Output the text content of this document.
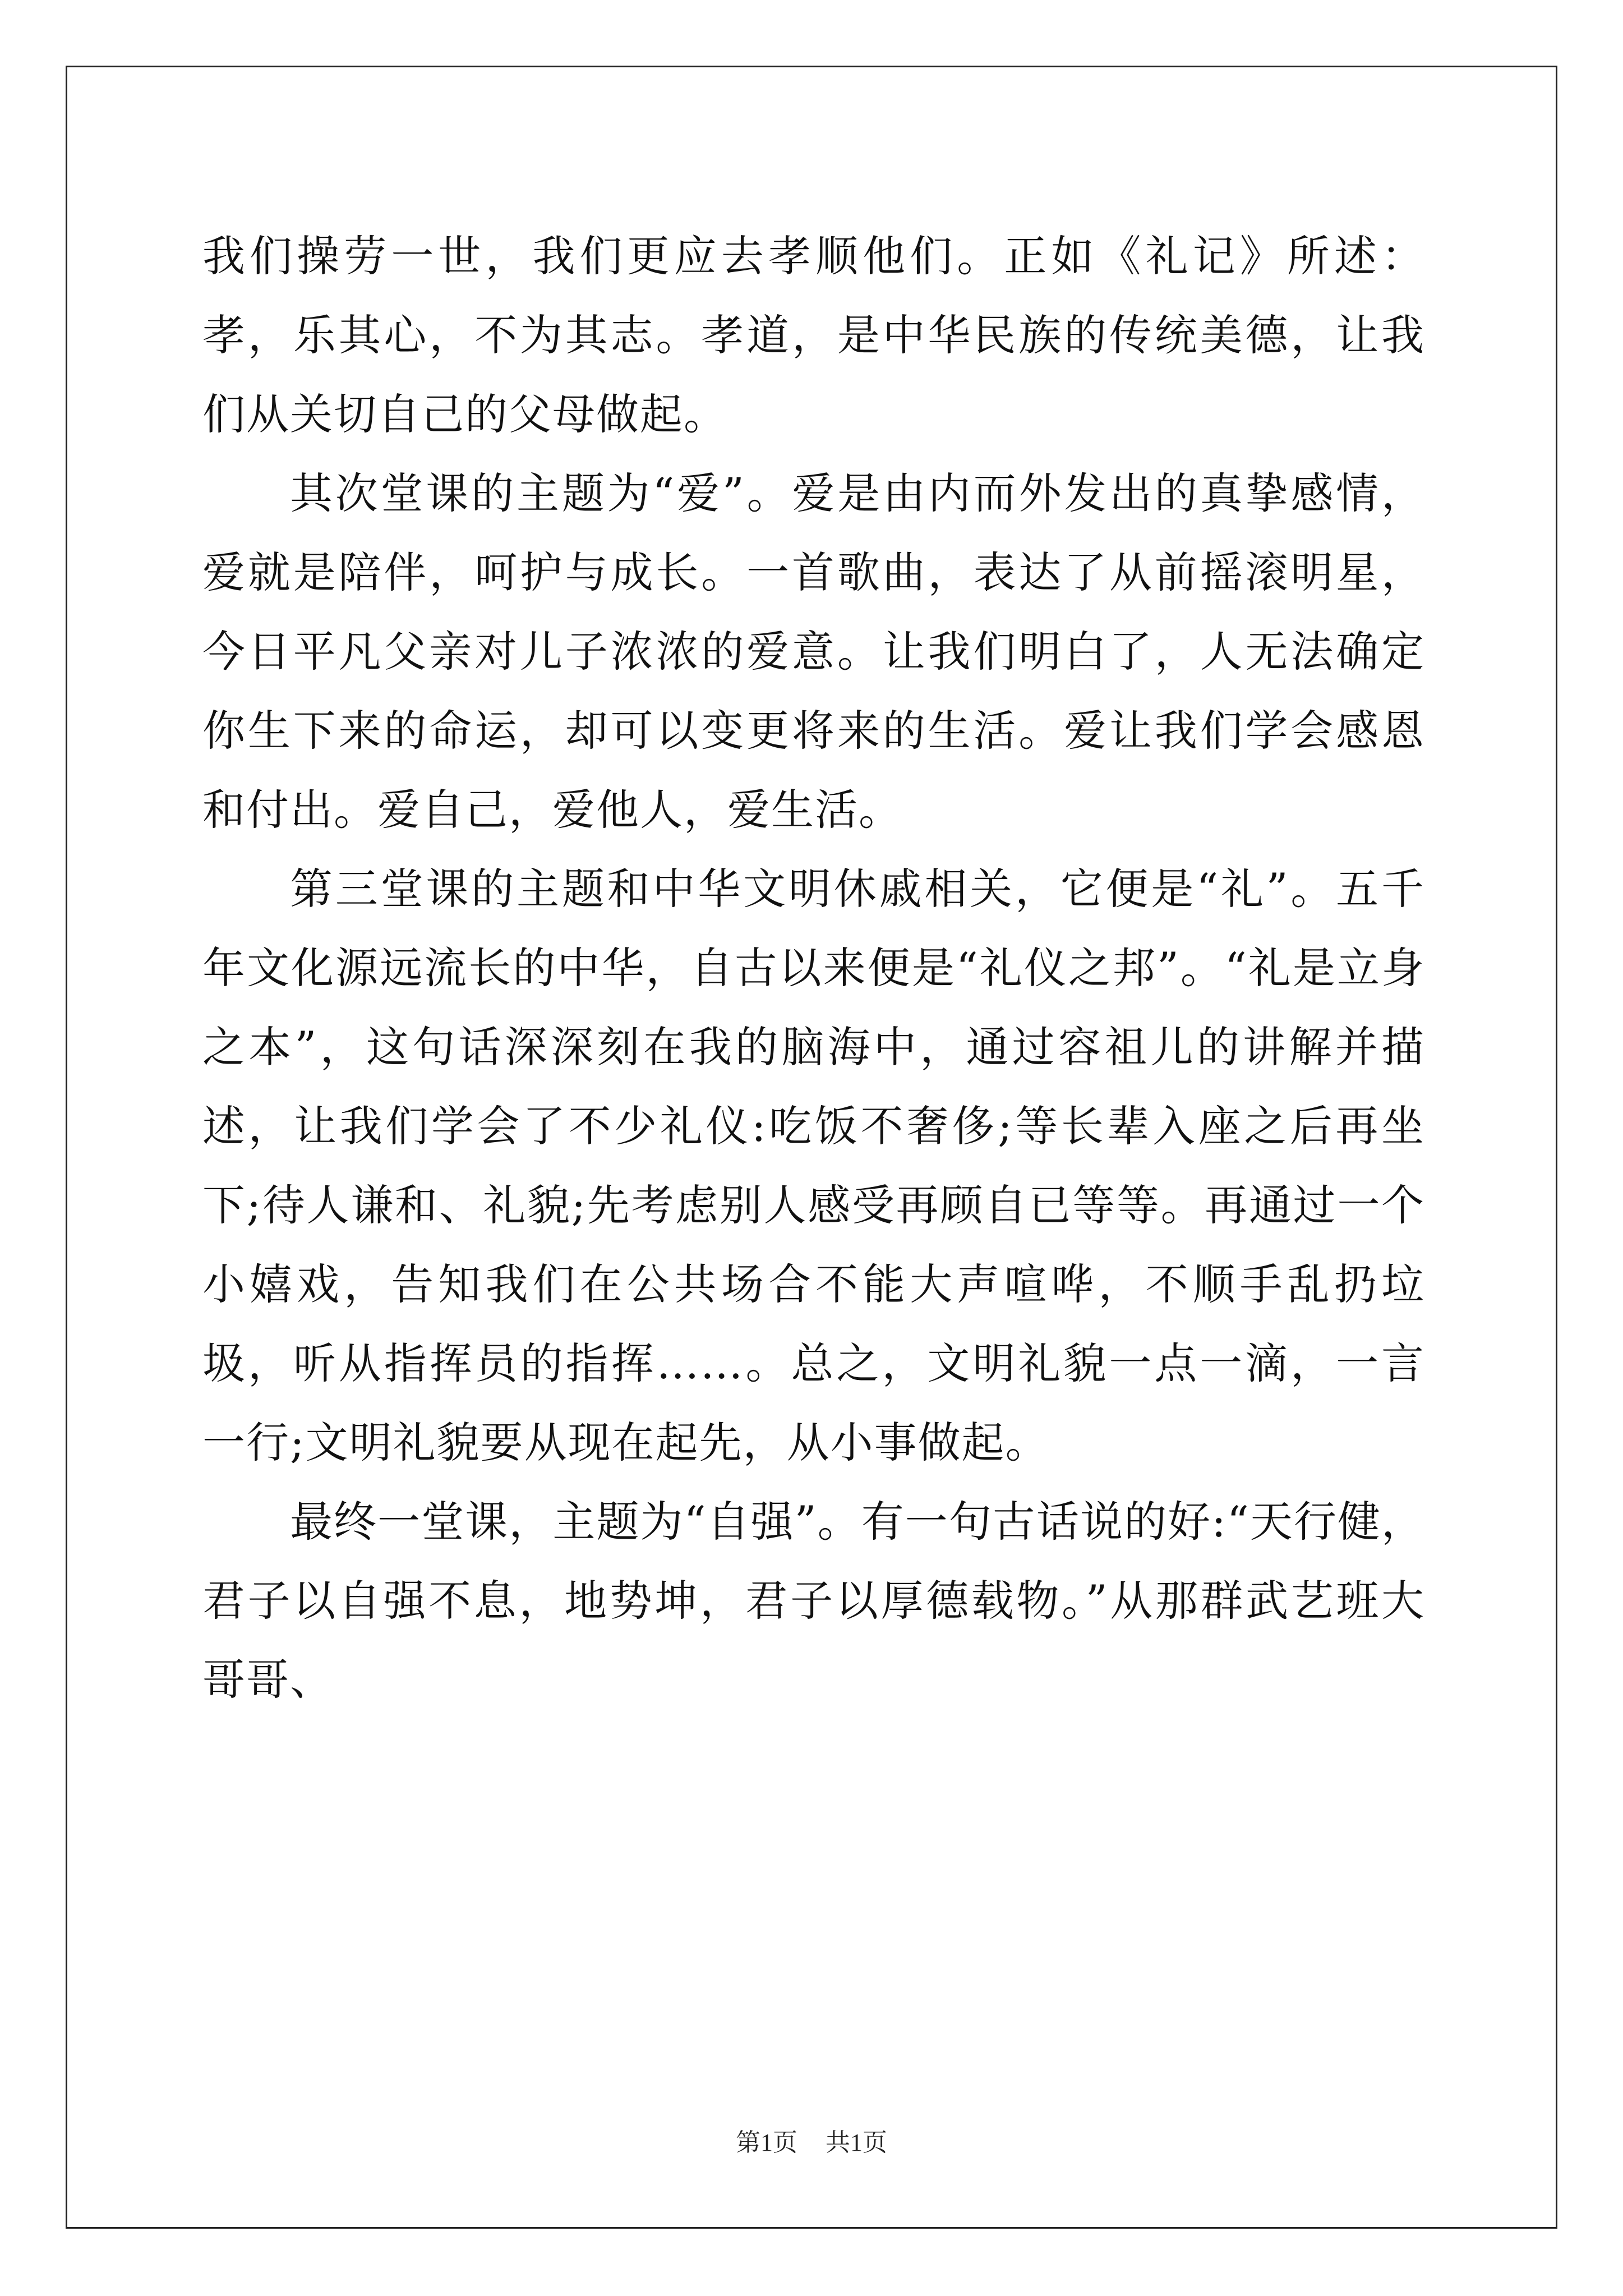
我们操劳一世，我们更应去孝顺他们。正如《礼记》所述：孝，乐其心，不为其志。孝道，是中华民族的传统美德，让我们从关切自己的父母做起。

其次堂课的主题为“爱”。爱是由内而外发出的真挚感情，爱就是陪伴，呵护与成长。一首歌曲，表达了从前摇滚明星，今日平凡父亲对儿子浓浓的爱意。让我们明白了，人无法确定你生下来的命运，却可以变更将来的生活。爱让我们学会感恩和付出。爱自己，爱他人，爱生活。

第三堂课的主题和中华文明休戚相关，它便是“礼”。五千年文化源远流长的中华，自古以来便是“礼仪之邦”。“礼是立身之本”，这句话深深刻在我的脑海中，通过容祖儿的讲解并描述，让我们学会了不少礼仪:吃饭不奢侈;等长辈入座之后再坐下;待人谦和、礼貌;先考虑别人感受再顾自已等等。再通过一个小嬉戏，告知我们在公共场合不能大声喧哗，不顺手乱扔垃圾，听从指挥员的指挥……。总之，文明礼貌一点一滴，一言一行;文明礼貌要从现在起先，从小事做起。

最终一堂课，主题为“自强”。有一句古话说的好:“天行健，君子以自强不息，地势坤，君子以厚德载物。”从那群武艺班大哥哥、

第1页 共1页
